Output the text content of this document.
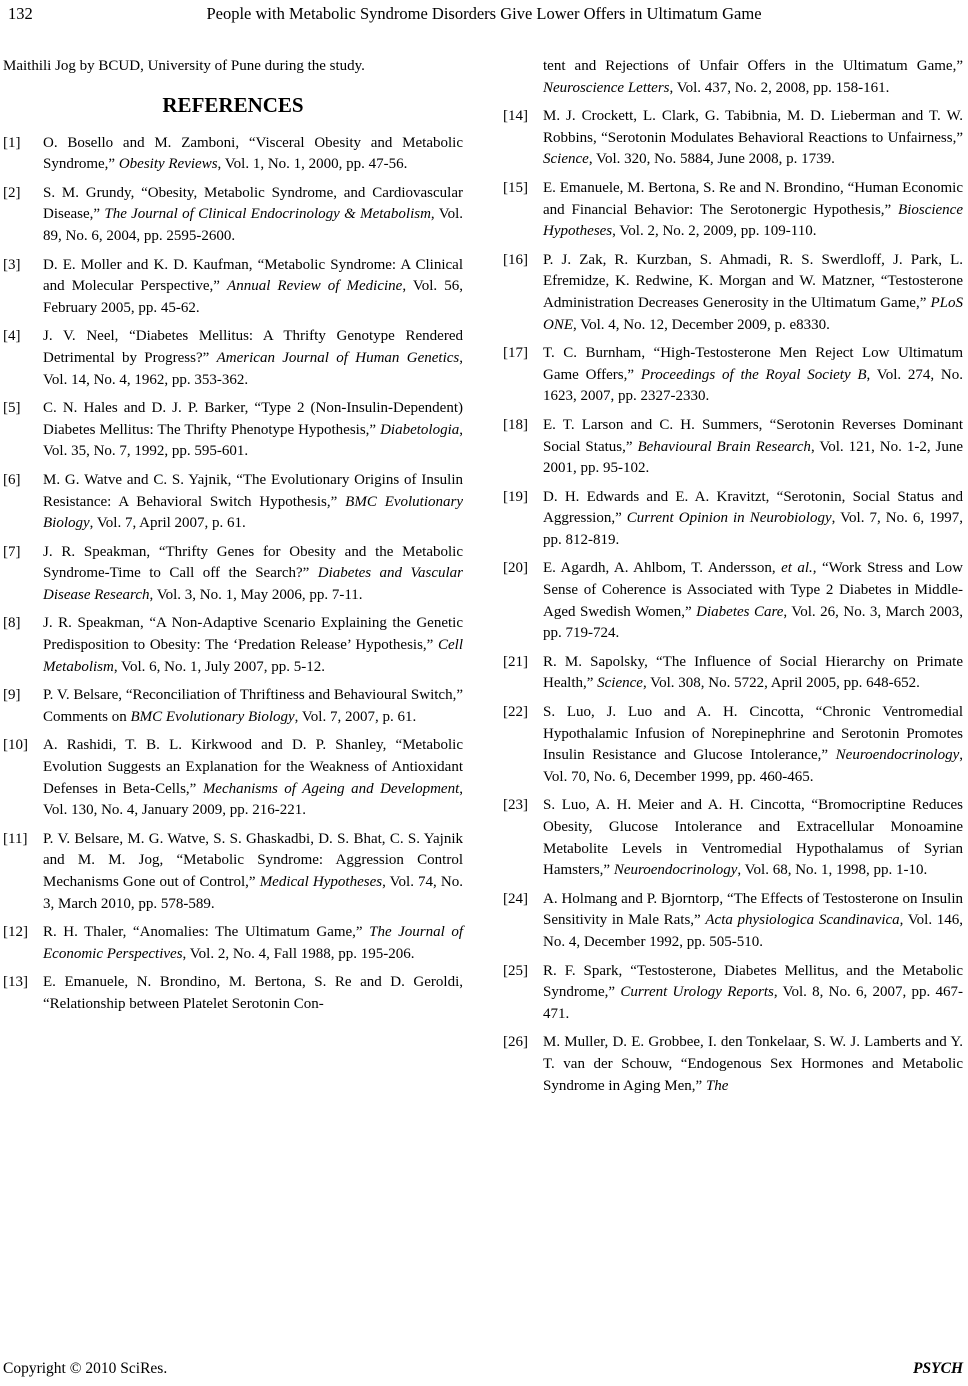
132	People with Metabolic Syndrome Disorders Give Lower Offers in Ultimatum Game

Maithili Jog by BCUD, University of Pune during the study.

REFERENCES
[1]	O. Bosello and M. Zamboni, “Visceral Obesity and Metabolic Syndrome,” Obesity Reviews, Vol. 1, No. 1, 2000, pp. 47-56.
[2]	S. M. Grundy, “Obesity, Metabolic Syndrome, and Cardiovascular Disease,” The Journal of Clinical Endocrinology & Metabolism, Vol. 89, No. 6, 2004, pp. 2595-2600.
[3]	D. E. Moller and K. D. Kaufman, “Metabolic Syndrome: A Clinical and Molecular Perspective,” Annual Review of Medicine, Vol. 56, February 2005, pp. 45-62.
[4]	J. V. Neel, “Diabetes Mellitus: A Thrifty Genotype Rendered Detrimental by Progress?” American Journal of Human Genetics, Vol. 14, No. 4, 1962, pp. 353-362.
[5]	C. N. Hales and D. J. P. Barker, “Type 2 (Non-Insulin-Dependent) Diabetes Mellitus: The Thrifty Phenotype Hypothesis,” Diabetologia, Vol. 35, No. 7, 1992, pp. 595-601.
[6]	M. G. Watve and C. S. Yajnik, “The Evolutionary Origins of Insulin Resistance: A Behavioral Switch Hypothesis,” BMC Evolutionary Biology, Vol. 7, April 2007, p. 61.
[7]	J. R. Speakman, “Thrifty Genes for Obesity and the Metabolic Syndrome-Time to Call off the Search?” Diabetes and Vascular Disease Research, Vol. 3, No. 1, May 2006, pp. 7-11.
[8]	J. R. Speakman, “A Non-Adaptive Scenario Explaining the Genetic Predisposition to Obesity: The ‘Predation Release’ Hypothesis,” Cell Metabolism, Vol. 6, No. 1, July 2007, pp. 5-12.
[9]	P. V. Belsare, “Reconciliation of Thriftiness and Behavioural Switch,” Comments on BMC Evolutionary Biology, Vol. 7, 2007, p. 61.
[10]	A. Rashidi, T. B. L. Kirkwood and D. P. Shanley, “Metabolic Evolution Suggests an Explanation for the Weakness of Antioxidant Defenses in Beta-Cells,” Mechanisms of Ageing and Development, Vol. 130, No. 4, January 2009, pp. 216-221.
[11]	P. V. Belsare, M. G. Watve, S. S. Ghaskadbi, D. S. Bhat, C. S. Yajnik and M. M. Jog, “Metabolic Syndrome: Aggression Control Mechanisms Gone out of Control,” Medical Hypotheses, Vol. 74, No. 3, March 2010, pp. 578-589.
[12]	R. H. Thaler, “Anomalies: The Ultimatum Game,” The Journal of Economic Perspectives, Vol. 2, No. 4, Fall 1988, pp. 195-206.
[13]	E. Emanuele, N. Brondino, M. Bertona, S. Re and D. Geroldi, “Relationship between Platelet Serotonin Con-

tent and Rejections of Unfair Offers in the Ultimatum Game,” Neuroscience Letters, Vol. 437, No. 2, 2008, pp. 158-161.

[14]	M. J. Crockett, L. Clark, G. Tabibnia, M. D. Lieberman and T. W. Robbins, “Serotonin Modulates Behavioral Reactions to Unfairness,” Science, Vol. 320, No. 5884, June 2008, p. 1739.
[15]	E. Emanuele, M. Bertona, S. Re and N. Brondino, “Human Economic and Financial Behavior: The Serotonergic Hypothesis,” Bioscience Hypotheses, Vol. 2, No. 2, 2009, pp. 109-110.
[16]	P. J. Zak, R. Kurzban, S. Ahmadi, R. S. Swerdloff, J. Park, L. Efremidze, K. Redwine, K. Morgan and W. Matzner, “Testosterone Administration Decreases Generosity in the Ultimatum Game,” PLoS ONE, Vol. 4, No. 12, December 2009, p. e8330.
[17]	T. C. Burnham, “High-Testosterone Men Reject Low Ultimatum Game Offers,” Proceedings of the Royal Society B, Vol. 274, No. 1623, 2007, pp. 2327-2330.
[18]	E. T. Larson and C. H. Summers, “Serotonin Reverses Dominant Social Status,” Behavioural Brain Research, Vol. 121, No. 1-2, June 2001, pp. 95-102.
[19]	D. H. Edwards and E. A. Kravitzt, “Serotonin, Social Status and Aggression,” Current Opinion in Neurobiology, Vol. 7, No. 6, 1997, pp. 812-819.
[20]	E. Agardh, A. Ahlbom, T. Andersson, et al., “Work Stress and Low Sense of Coherence is Associated with Type 2 Diabetes in Middle-Aged Swedish Women,” Diabetes Care, Vol. 26, No. 3, March 2003, pp. 719-724.
[21]	R. M. Sapolsky, “The Influence of Social Hierarchy on Primate Health,” Science, Vol. 308, No. 5722, April 2005, pp. 648-652.
[22]	S. Luo, J. Luo and A. H. Cincotta, “Chronic Ventromedial Hypothalamic Infusion of Norepinephrine and Serotonin Promotes Insulin Resistance and Glucose Intolerance,” Neuroendocrinology, Vol. 70, No. 6, December 1999, pp. 460-465.
[23]	S. Luo, A. H. Meier and A. H. Cincotta, “Bromocriptine Reduces Obesity, Glucose Intolerance and Extracellular Monoamine Metabolite Levels in Ventromedial Hypothalamus of Syrian Hamsters,” Neuroendocrinology, Vol. 68, No. 1, 1998, pp. 1-10.
[24]	A. Holmang and P. Bjorntorp, “The Effects of Testosterone on Insulin Sensitivity in Male Rats,” Acta physiologica Scandinavica, Vol. 146, No. 4, December 1992, pp. 505-510.
[25]	R. F. Spark, “Testosterone, Diabetes Mellitus, and the Metabolic Syndrome,” Current Urology Reports, Vol. 8, No. 6, 2007, pp. 467-471.
[26]	M. Muller, D. E. Grobbee, I. den Tonkelaar, S. W. J. Lamberts and Y. T. van der Schouw, “Endogenous Sex Hormones and Metabolic Syndrome in Aging Men,” The
Copyright © 2010 SciRes.	PSYCH
